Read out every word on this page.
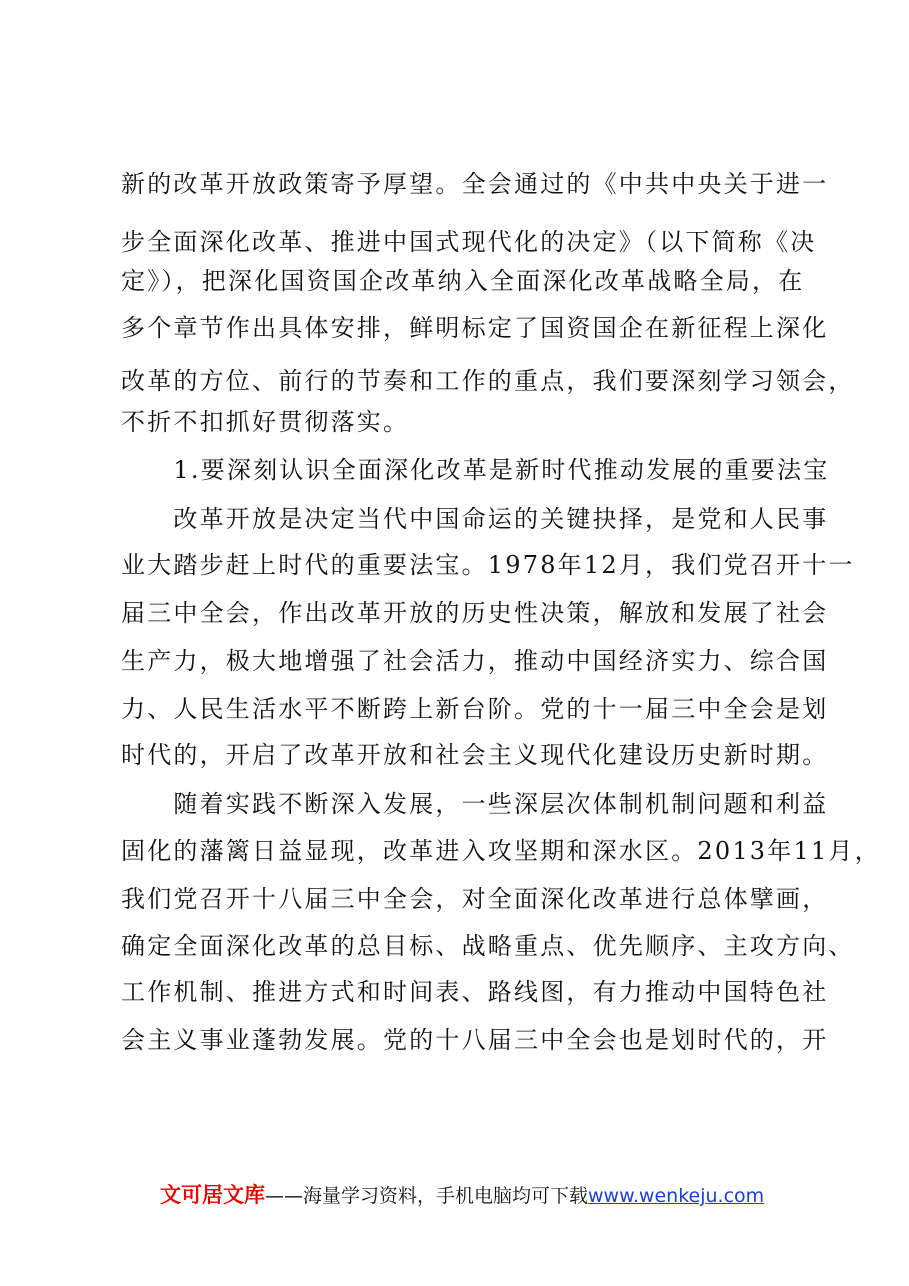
新的改革开放政策寄予厚望。全会通过的《中共中央关于进一
步全面深化改革、推进中国式现代化的决定》（以下简称《决
定》），把深化国资国企改革纳入全面深化改革战略全局，在
多个章节作出具体安排，鲜明标定了国资国企在新征程上深化
改革的方位、前行的节奏和工作的重点，我们要深刻学习领会，
不折不扣抓好贯彻落实。
　　1.要深刻认识全面深化改革是新时代推动发展的重要法宝
　　改革开放是决定当代中国命运的关键抉择，是党和人民事
业大踏步赶上时代的重要法宝。1978年12月，我们党召开十一
届三中全会，作出改革开放的历史性决策，解放和发展了社会
生产力，极大地增强了社会活力，推动中国经济实力、综合国
力、人民生活水平不断跨上新台阶。党的十一届三中全会是划
时代的，开启了改革开放和社会主义现代化建设历史新时期。
　　随着实践不断深入发展，一些深层次体制机制问题和利益
固化的藩篱日益显现，改革进入攻坚期和深水区。2013年11月，
我们党召开十八届三中全会，对全面深化改革进行总体擘画，
确定全面深化改革的总目标、战略重点、优先顺序、主攻方向、
工作机制、推进方式和时间表、路线图，有力推动中国特色社
会主义事业蓬勃发展。党的十八届三中全会也是划时代的，开
文可居文库——海量学习资料，手机电脑均可下载www.wenkeju.com
